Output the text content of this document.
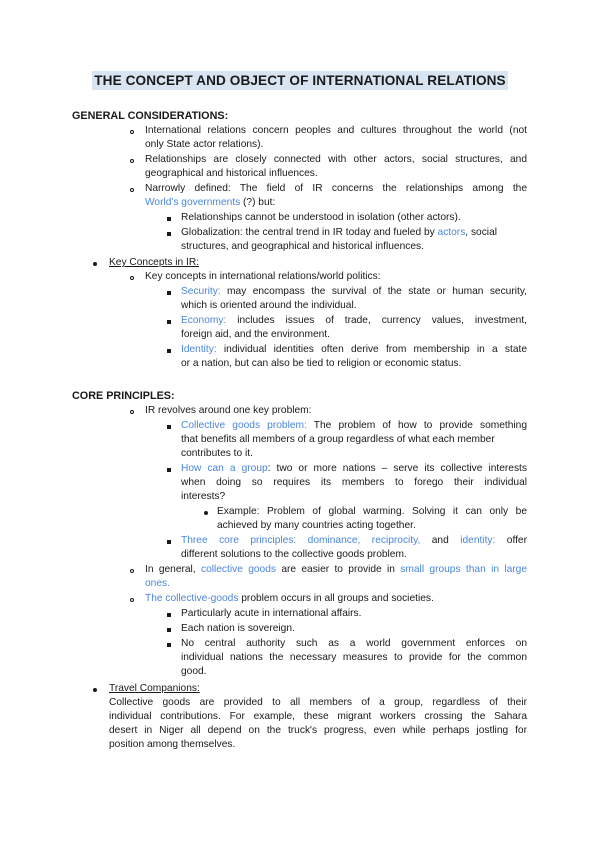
THE CONCEPT AND OBJECT OF INTERNATIONAL RELATIONS
GENERAL CONSIDERATIONS:
International relations concern peoples and cultures throughout the world (not
only State actor relations).
Relationships are closely connected with other actors, social structures, and
geographical and historical influences.
Narrowly defined: The field of IR concerns the relationships among the
World's governments (?) but:
Relationships cannot be understood in isolation (other actors).
Globalization: the central trend in IR today and fueled by actors, social
structures, and geographical and historical influences.
Key Concepts in IR:
Key concepts in international relations/world politics:
Security: may encompass the survival of the state or human security,
which is oriented around the individual.
Economy: includes issues of trade, currency values, investment,
foreign aid, and the environment.
Identity: individual identities often derive from membership in a state
or a nation, but can also be tied to religion or economic status.
CORE PRINCIPLES:
IR revolves around one key problem:
Collective goods problem: The problem of how to provide something
that benefits all members of a group regardless of what each member
contributes to it.
How can a group: two or more nations – serve its collective interests
when doing so requires its members to forego their individual
interests?
Example: Problem of global warming. Solving it can only be
achieved by many countries acting together.
Three core principles: dominance, reciprocity, and identity: offer
different solutions to the collective goods problem.
In general, collective goods are easier to provide in small groups than in large
ones.
The collective-goods problem occurs in all groups and societies.
Particularly acute in international affairs.
Each nation is sovereign.
No central authority such as a world government enforces on
individual nations the necessary measures to provide for the common
good.
Travel Companions:
Collective goods are provided to all members of a group, regardless of their
individual contributions. For example, these migrant workers crossing the Sahara
desert in Niger all depend on the truck's progress, even while perhaps jostling for
position among themselves.
